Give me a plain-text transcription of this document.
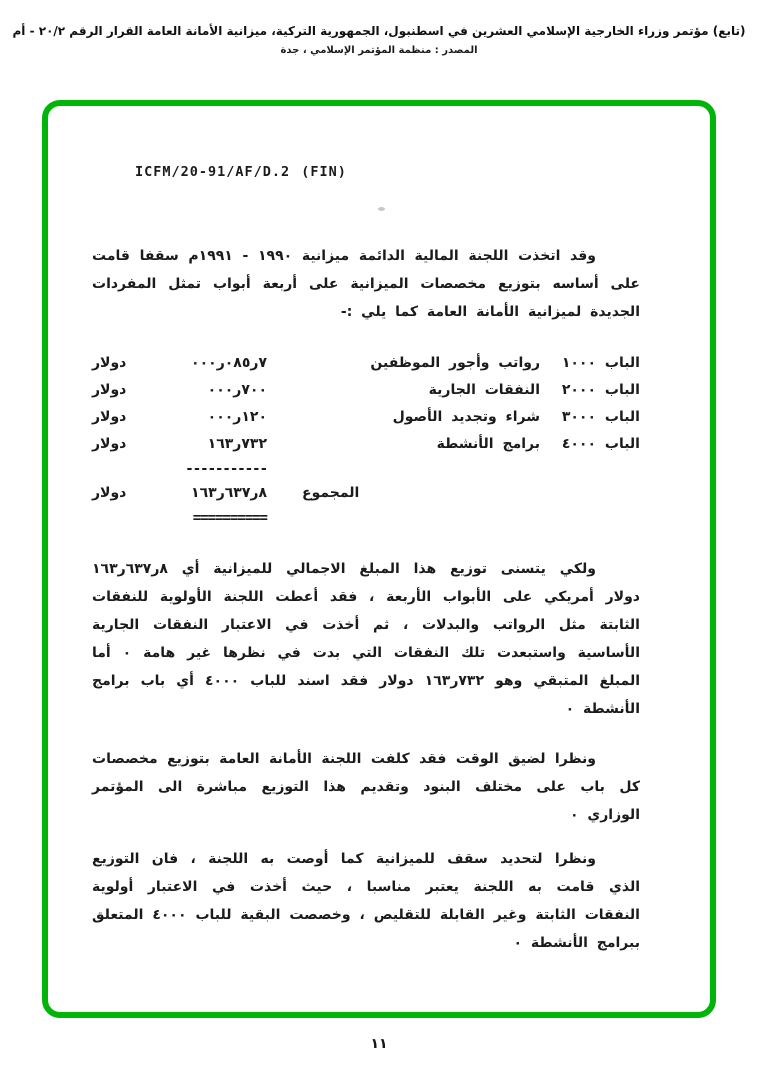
(تابع) مؤتمر وزراء الخارجية الإسلامي العشرين في اسطنبول، الجمهورية التركية، ميزانية الأمانة العامة القرار الرقم ٢٠/٢ - أم
المصدر : منظمة المؤتمر الإسلامي ، جدة
ICFM/20-91/AF/D.2 (FIN)

وقد اتخذت اللجنة المالية الدائمة ميزانية ١٩٩٠ - ١٩٩١م سقفا قامت على أساسه بتوزيع مخصصات الميزانية على أربعة أبواب تمثل المفردات الجديدة لميزانية الأمانة العامة كما يلي :-

الباب ١٠٠٠
رواتب وأجور الموظفين
٧ر٠٨٥ر٠٠٠
دولار
الباب ٢٠٠٠
النفقات الجارية
٧٠٠ر٠٠٠
دولار
الباب ٣٠٠٠
شراء وتجديد الأصول
١٢٠ر٠٠٠
دولار
الباب ٤٠٠٠
برامج الأنشطة
٧٣٢ر١٦٣
دولار
-----------
المجموع
٨ر٦٣٧ر١٦٣
دولار
==========

ولكي يتسنى توزيع هذا المبلغ الاجمالي للميزانية أي ٨ر٦٣٧ر١٦٣ دولار أمريكي على الأبواب الأربعة ، فقد أعطت اللجنة الأولوية للنفقات الثابتة مثل الرواتب والبدلات ، ثم أخذت في الاعتبار النفقات الجارية الأساسية واستبعدت تلك النفقات التي بدت في نظرها غير هامة ٠ أما المبلغ المتبقي وهو ٧٣٢ر١٦٣ دولار فقد اسند للباب ٤٠٠٠ أي باب برامج الأنشطة ٠

ونظرا لضيق الوقت فقد كلفت اللجنة الأمانة العامة بتوزيع مخصصات كل باب على مختلف البنود وتقديم هذا التوزيع مباشرة الى المؤتمر الوزاري ٠

ونظرا لتحديد سقف للميزانية كما أوصت به اللجنة ، فان التوزيع الذي قامت به اللجنة يعتبر مناسبا ، حيث أخذت في الاعتبار أولوية النفقات الثابتة وغير القابلة للتقليص ، وخصصت البقية للباب ٤٠٠٠ المتعلق ببرامج الأنشطة ٠

١١
